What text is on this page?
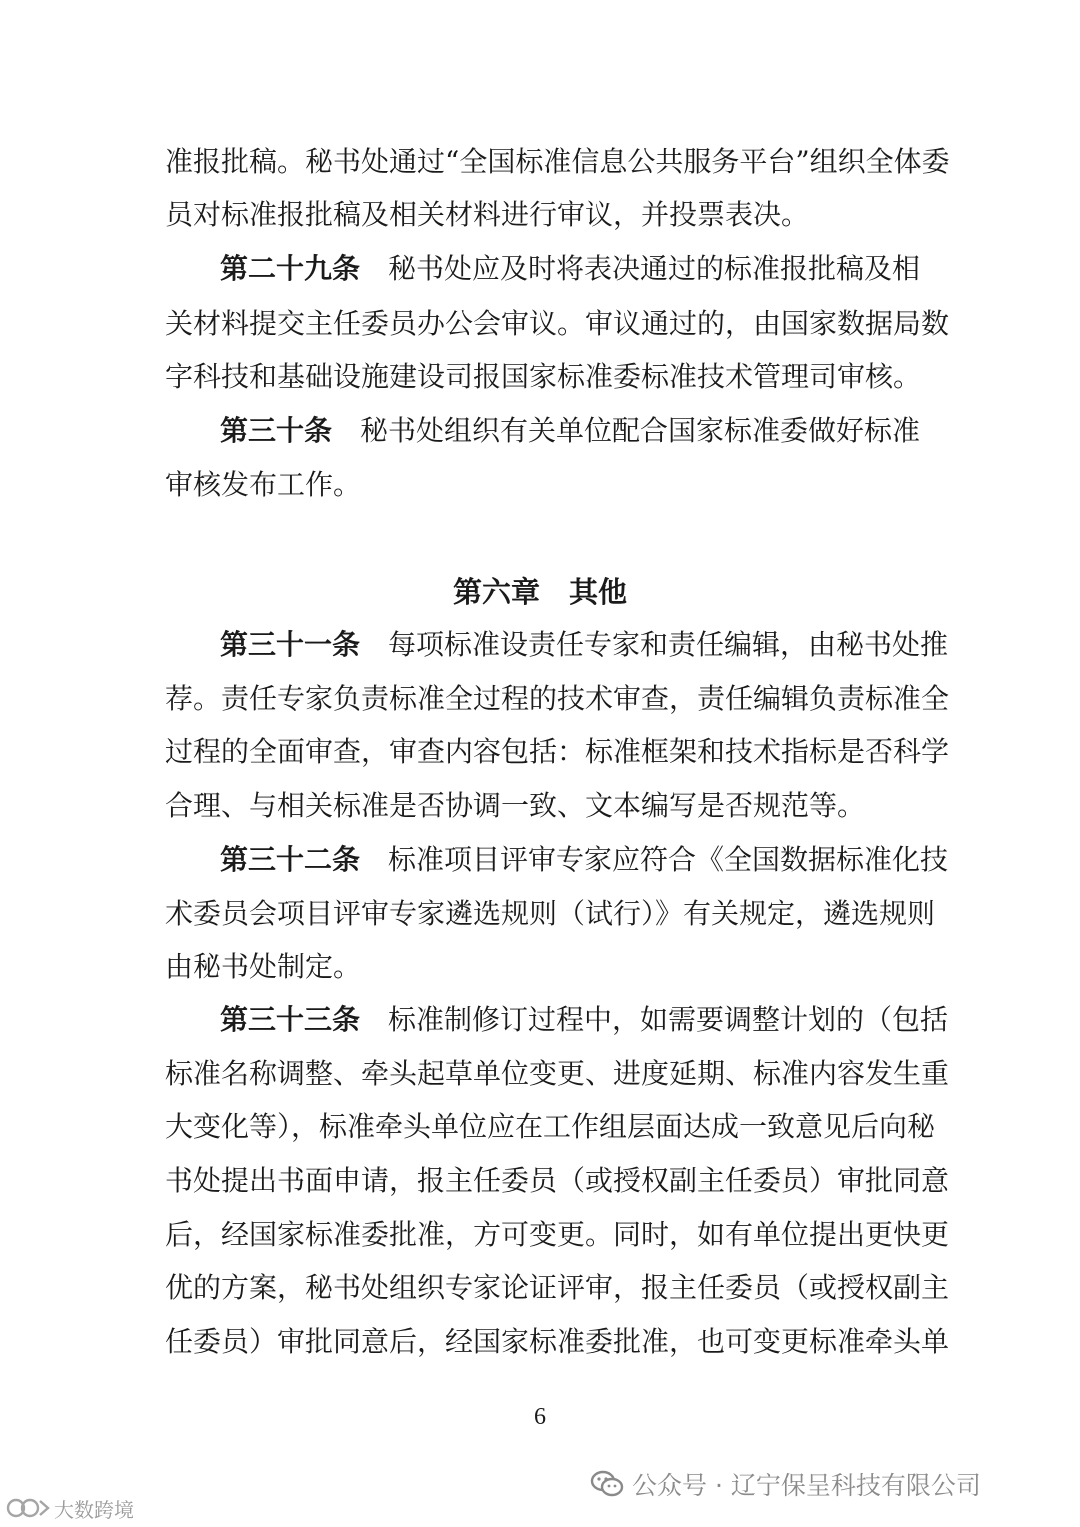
准报批稿。秘书处通过“全国标准信息公共服务平台”组织全体委
员对标准报批稿及相关材料进行审议，并投票表决。
第二十九条　 秘书处应及时将表决通过的标准报批稿及相
关材料提交主任委员办公会审议。审议通过的，由国家数据局数
字科技和基础设施建设司报国家标准委标准技术管理司审核。
第三十条　 秘书处组织有关单位配合国家标准委做好标准
审核发布工作。
第六章　其他
第三十一条　 每项标准设责任专家和责任编辑，由秘书处推
荐。责任专家负责标准全过程的技术审查，责任编辑负责标准全
过程的全面审查，审查内容包括：标准框架和技术指标是否科学
合理、与相关标准是否协调一致、文本编写是否规范等。
第三十二条　 标准项目评审专家应符合《全国数据标准化技
术委员会项目评审专家遴选规则（试行）》有关规定，遴选规则
由秘书处制定。
第三十三条　 标准制修订过程中，如需要调整计划的（包括
标准名称调整、牵头起草单位变更、进度延期、标准内容发生重
大变化等），标准牵头单位应在工作组层面达成一致意见后向秘
书处提出书面申请，报主任委员（或授权副主任委员）审批同意
后，经国家标准委批准，方可变更。同时，如有单位提出更快更
优的方案，秘书处组织专家论证评审，报主任委员（或授权副主
任委员）审批同意后，经国家标准委批准，也可变更标准牵头单
6
公众号 · 辽宁保呈科技有限公司
大数跨境
